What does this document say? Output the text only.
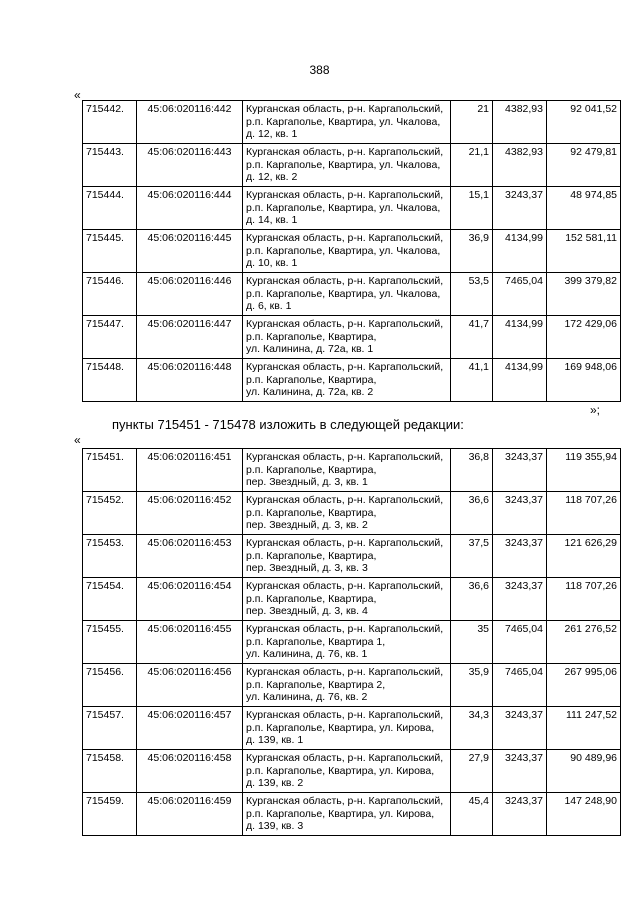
388
«
715442.	45:06:020116:442	Курганская область, р-н. Каргапольский,
р.п. Каргаполье, Квартира, ул. Чкалова,
д. 12, кв. 1	21	4382,93	92 041,52
715443.	45:06:020116:443	Курганская область, р-н. Каргапольский,
р.п. Каргаполье, Квартира, ул. Чкалова,
д. 12, кв. 2	21,1	4382,93	92 479,81
715444.	45:06:020116:444	Курганская область, р-н. Каргапольский,
р.п. Каргаполье, Квартира, ул. Чкалова,
д. 14, кв. 1	15,1	3243,37	48 974,85
715445.	45:06:020116:445	Курганская область, р-н. Каргапольский,
р.п. Каргаполье, Квартира, ул. Чкалова,
д. 10, кв. 1	36,9	4134,99	152 581,11
715446.	45:06:020116:446	Курганская область, р-н. Каргапольский,
р.п. Каргаполье, Квартира, ул. Чкалова,
д. 6, кв. 1	53,5	7465,04	399 379,82
715447.	45:06:020116:447	Курганская область, р-н. Каргапольский,
р.п. Каргаполье, Квартира,
ул. Калинина, д. 72а, кв. 1	41,7	4134,99	172 429,06
715448.	45:06:020116:448	Курганская область, р-н. Каргапольский,
р.п. Каргаполье, Квартира,
ул. Калинина, д. 72а, кв. 2	41,1	4134,99	169 948,06
»;
пункты 715451 - 715478 изложить в следующей редакции:
«
715451.	45:06:020116:451	Курганская область, р-н. Каргапольский,
р.п. Каргаполье, Квартира,
пер. Звездный, д. 3, кв. 1	36,8	3243,37	119 355,94
715452.	45:06:020116:452	Курганская область, р-н. Каргапольский,
р.п. Каргаполье, Квартира,
пер. Звездный, д. 3, кв. 2	36,6	3243,37	118 707,26
715453.	45:06:020116:453	Курганская область, р-н. Каргапольский,
р.п. Каргаполье, Квартира,
пер. Звездный, д. 3, кв. 3	37,5	3243,37	121 626,29
715454.	45:06:020116:454	Курганская область, р-н. Каргапольский,
р.п. Каргаполье, Квартира,
пер. Звездный, д. 3, кв. 4	36,6	3243,37	118 707,26
715455.	45:06:020116:455	Курганская область, р-н. Каргапольский,
р.п. Каргаполье, Квартира 1,
ул. Калинина, д. 76, кв. 1	35	7465,04	261 276,52
715456.	45:06:020116:456	Курганская область, р-н. Каргапольский,
р.п. Каргаполье, Квартира 2,
ул. Калинина, д. 76, кв. 2	35,9	7465,04	267 995,06
715457.	45:06:020116:457	Курганская область, р-н. Каргапольский,
р.п. Каргаполье, Квартира, ул. Кирова,
д. 139, кв. 1	34,3	3243,37	111 247,52
715458.	45:06:020116:458	Курганская область, р-н. Каргапольский,
р.п. Каргаполье, Квартира, ул. Кирова,
д. 139, кв. 2	27,9	3243,37	90 489,96
715459.	45:06:020116:459	Курганская область, р-н. Каргапольский,
р.п. Каргаполье, Квартира, ул. Кирова,
д. 139, кв. 3	45,4	3243,37	147 248,90
